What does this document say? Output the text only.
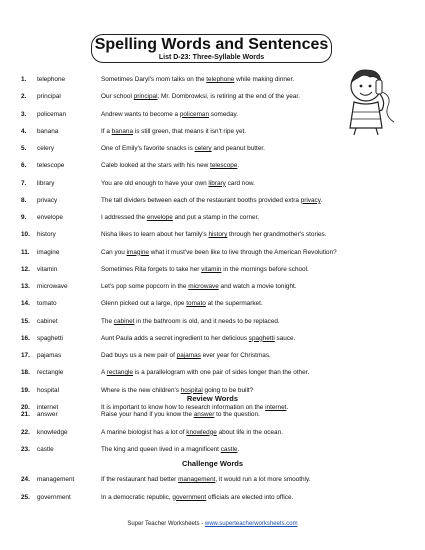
Spelling Words and Sentences
List D-23: Three-Syllable Words
1.	telephone	Sometimes Daryl's mom talks on the telephone while making dinner.
2.	principal	Our school principal, Mr. Dombrowksi, is retiring at the end of the year.
3.	policeman	Andrew wants to become a policeman someday.
4.	banana	If a banana is still green, that means it isn't ripe yet.
5.	celery	One of Emily's favorite snacks is celery and peanut butter.
6.	telescope	Caleb looked at the stars with his new telescope.
7.	library	You are old enough to have your own library card now.
8.	privacy	The tall dividers between each of the restaurant booths provided extra privacy.
9.	envelope	I addressed the envelope and put a stamp in the corner.
10.	history	Nisha likes to learn about her family's history through her grandmother's stories.
11.	imagine	Can you imagine what it must've been like to live through the American Revolution?
12.	vitamin	Sometimes Rita forgets to take her vitamin in the mornings before school.
13.	microwave	Let's pop some popcorn in the microwave and watch a movie tonight.
14.	tomato	Glenn picked out a large, ripe tomato at the supermarket.
15.	cabinet	The cabinet in the bathroom is old, and it needs to be replaced.
16.	spaghetti	Aunt Paula adds a secret ingredient to her delicious spaghetti sauce.
17.	pajamas	Dad buys us a new pair of pajamas ever year for Christmas.
18.	rectangle	A rectangle is a parallelogram with one pair of sides longer than the other.
19.	hospital	Where is the new children's hospital going to be built?
20.	internet	It is important to know how to research information on the internet.
Review Words
21.	answer	Raise your hand if you know the answer to the question.
22.	knowledge	A marine biologist has a lot of knowledge about life in the ocean.
23.	castle	The king and queen lived in a magnificent castle.
Challenge Words
24.	management	If the restaurant had better management, it would run a lot more smoothly.
25.	government	In a democratic republic, government officials are elected into office.
Super Teacher Worksheets - www.superteacherworksheets.com
